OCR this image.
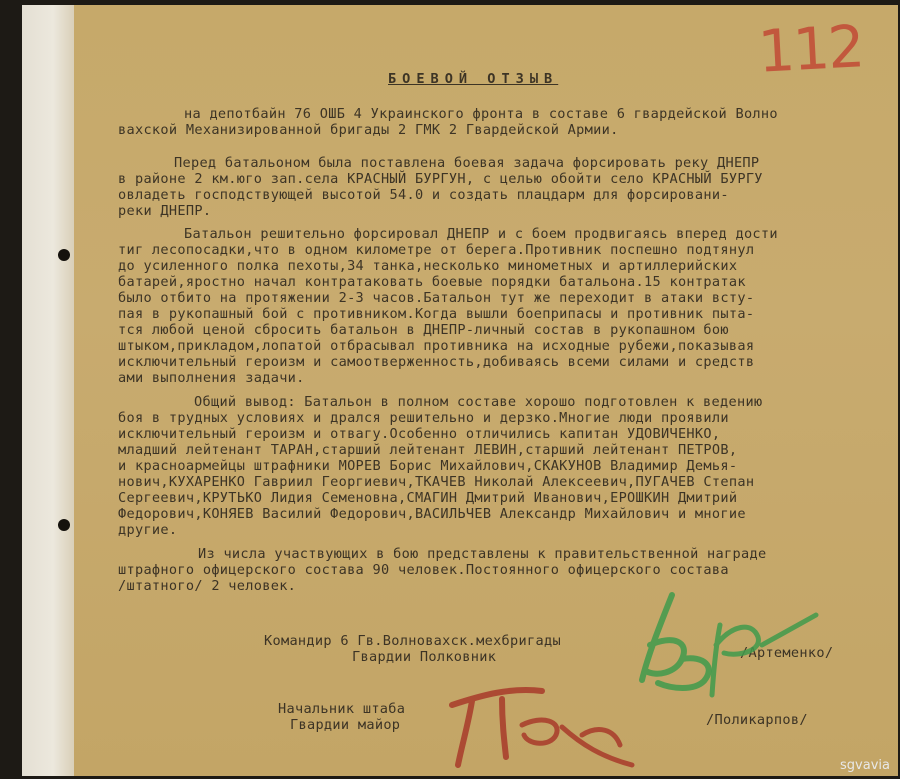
112
БОЕВОЙ ОТЗЫВ
на депотбайн 76 ОШБ 4 Украинского фронта в составе 6 гвардейской Волно
вахской Механизированной бригады 2 ГМК 2 Гвардейской Армии.
Перед батальоном была поставлена боевая задача форсировать реку ДНЕПР
в районе 2 км.юго зап.села КРАСНЫЙ БУРГУН, с целью обойти село КРАСНЫЙ БУРГУ
овладеть господствующей высотой 54.0 и создать плацдарм для форсировани-
реки ДНЕПР.
Батальон решительно форсировал ДНЕПР и с боем продвигаясь вперед дости
тиг лесопосадки,что в одном километре от берега.Противник поспешно подтянул
до усиленного полка пехоты,34 танка,несколько минометных и артиллерийских
батарей,яростно начал контратаковать боевые порядки батальона.15 контратак
было отбито на протяжении 2-3 часов.Батальон тут же переходит в атаки всту-
пая в рукопашный бой с противником.Когда вышли боеприпасы и противник пыта-
тся любой ценой сбросить батальон в ДНЕПР-личный состав в рукопашном бою
штыком,прикладом,лопатой отбрасывал противника на исходные рубежи,показывая
исключительный героизм и самоотверженность,добиваясь всеми силами и средств
ами выполнения задачи.
Общий вывод: Батальон в полном составе хорошо подготовлен к ведению
боя в трудных условиях и дрался решительно и дерзко.Многие люди проявили
исключительный героизм и отвагу.Особенно отличились капитан УДОВИЧЕНКО,
младший лейтенант ТАРАН,старший лейтенант ЛЕВИН,старший лейтенант ПЕТРОВ,
и красноармейцы штрафники МОРЕВ Борис Михайлович,СКАКУНОВ Владимир Демья-
нович,КУХАРЕНКО Гавриил Георгиевич,ТКАЧЕВ Николай Алексеевич,ПУГАЧЕВ Степан
Сергеевич,КРУТЬКО Лидия Семеновна,СМАГИН Дмитрий Иванович,ЕРОШКИН Дмитрий
Федорович,КОНЯЕВ Василий Федорович,ВАСИЛЬЧЕВ Александр Михайлович и многие
другие.
Из числа участвующих в бою представлены к правительственной награде
штрафного офицерского состава 90 человек.Постоянного офицерского состава
/штатного/ 2 человек.
Командир 6 Гв.Волновахск.мехбригады
Гвардии Полковник	/Артеменко/
Начальник штаба
Гвардии майор	/Поликарпов/
sgvavia
